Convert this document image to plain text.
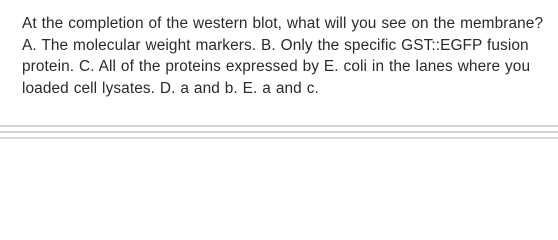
At the completion of the western blot, what will you see on the membrane? A. The molecular weight markers. B. Only the specific GST::EGFP fusion protein. C. All of the proteins expressed by E. coli in the lanes where you loaded cell lysates. D. a and b. E. a and c.
